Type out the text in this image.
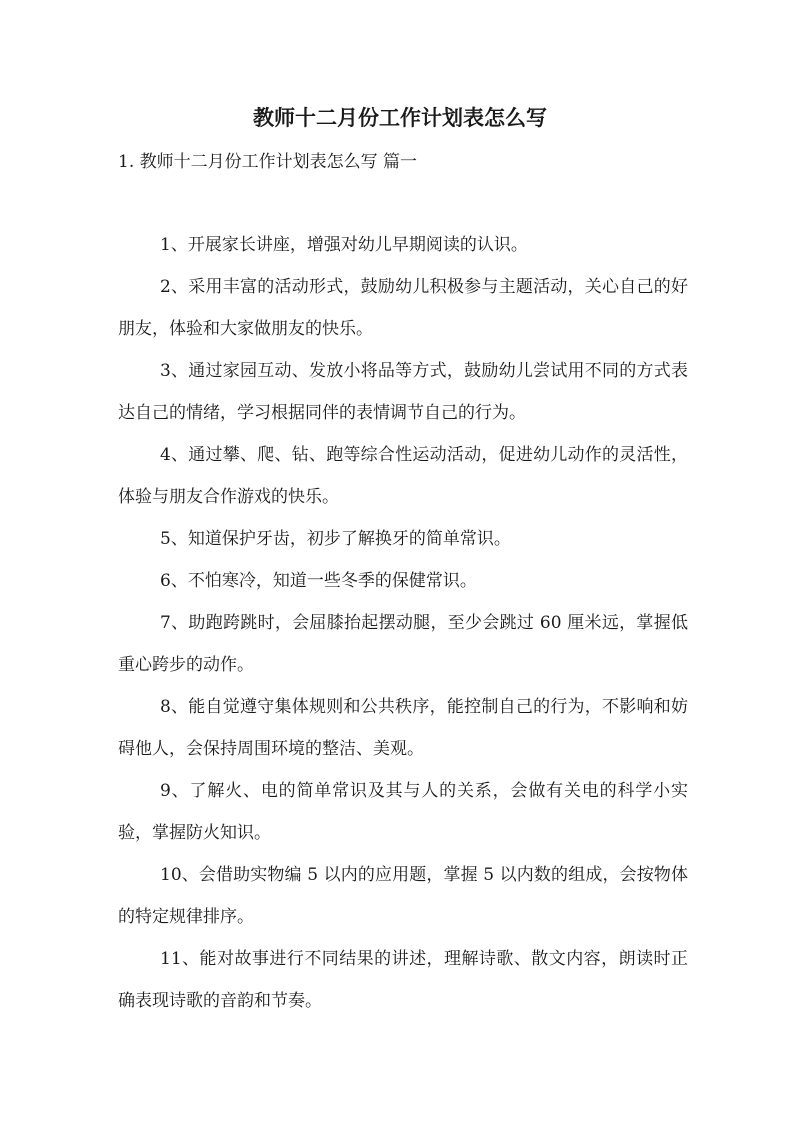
教师十二月份工作计划表怎么写

1. 教师十二月份工作计划表怎么写 篇一

1、开展家长讲座，增强对幼儿早期阅读的认识。

2、采用丰富的活动形式，鼓励幼儿积极参与主题活动，关心自己的好朋友，体验和大家做朋友的快乐。

3、通过家园互动、发放小将品等方式，鼓励幼儿尝试用不同的方式表达自己的情绪，学习根据同伴的表情调节自己的行为。

4、通过攀、爬、钻、跑等综合性运动活动，促进幼儿动作的灵活性，体验与朋友合作游戏的快乐。

5、知道保护牙齿，初步了解换牙的简单常识。

6、不怕寒冷，知道一些冬季的保健常识。

7、助跑跨跳时，会屈膝抬起摆动腿，至少会跳过 60 厘米远，掌握低重心跨步的动作。

8、能自觉遵守集体规则和公共秩序，能控制自己的行为，不影响和妨碍他人，会保持周围环境的整洁、美观。

9、了解火、电的简单常识及其与人的关系，会做有关电的科学小实验，掌握防火知识。

10、会借助实物编 5 以内的应用题，掌握 5 以内数的组成，会按物体的特定规律排序。

11、能对故事进行不同结果的讲述，理解诗歌、散文内容，朗读时正确表现诗歌的音韵和节奏。
